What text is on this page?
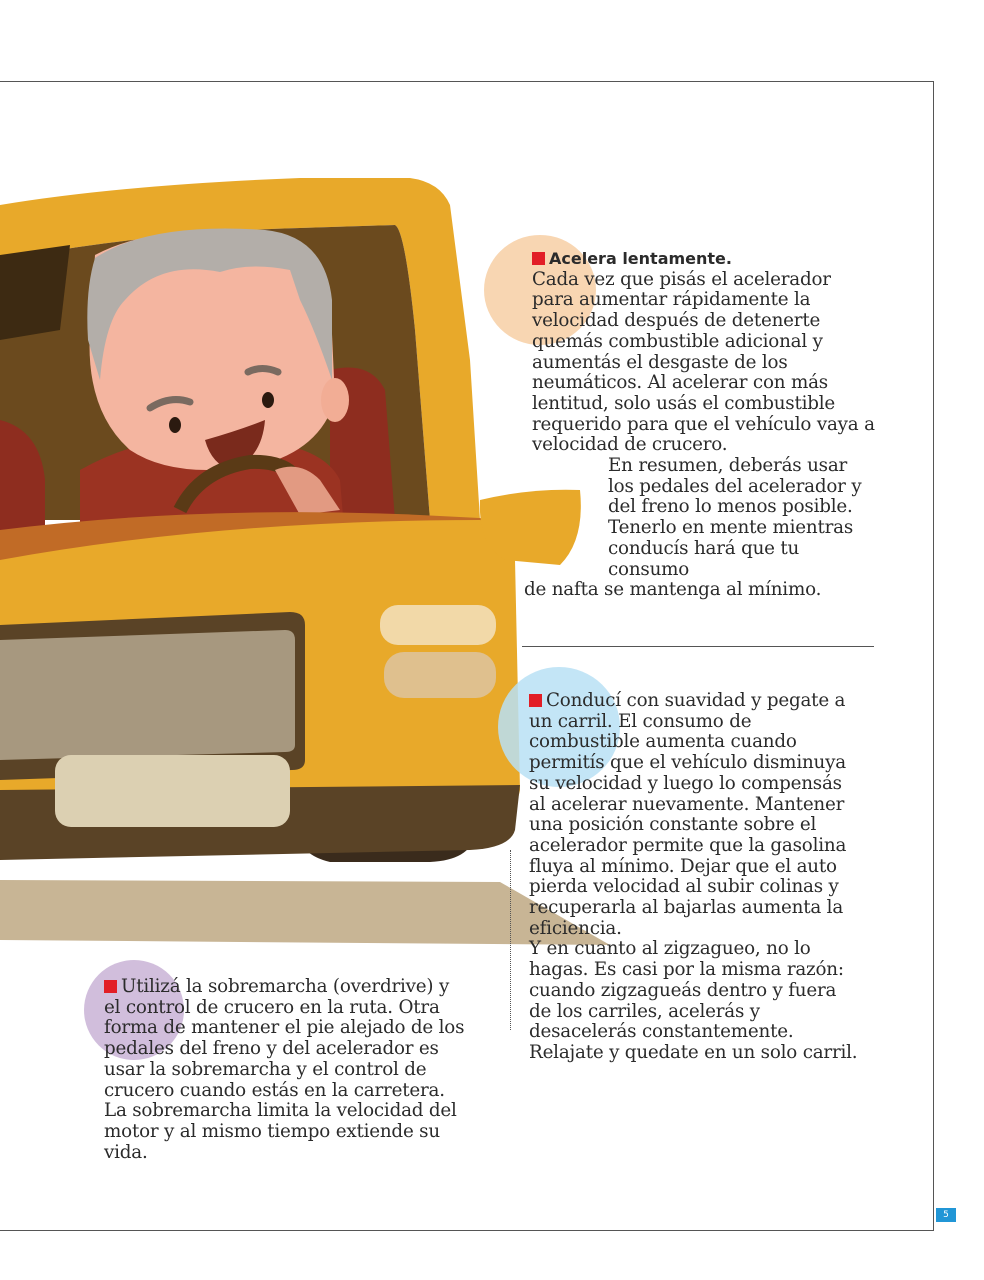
5

Acelera lentamente.

Cada vez que pisás el acelerador para aumentar rápidamente la velocidad después de detenerte quemás combustible adicional y aumentás el desgaste de los neumáticos. Al acelerar con más lentitud, solo usás el combustible requerido para que el vehículo vaya a velocidad de crucero.

En resumen, deberás usar los pedales del acelerador y del freno lo menos posible. Tenerlo en mente mientras conducís hará que tu consumo

de nafta se mantenga al mínimo.

Conducí con suavidad y pegate a un carril. El consumo de combustible aumenta cuando permitís que el vehículo disminuya su velocidad y luego lo compensás al acelerar nuevamente. Mantener una posición constante sobre el acelerador permite que la gasolina fluya al mínimo. Dejar que el auto pierda velocidad al subir colinas y recuperarla al bajarlas aumenta la eficiencia.

Y en cuanto al zigzagueo, no lo hagas. Es casi por la misma razón: cuando zigzagueás dentro y fuera de los carriles, acelerás y desacelerás constantemente. Relajate y quedate en un solo carril.

Utilizá la sobremarcha (overdrive) y el control de crucero en la ruta. Otra forma de mantener el pie alejado de los pedales del freno y del acelerador es usar la sobremarcha y el control de crucero cuando estás en la carretera. La sobremarcha limita la velocidad del motor y al mismo tiempo extiende su vida.
